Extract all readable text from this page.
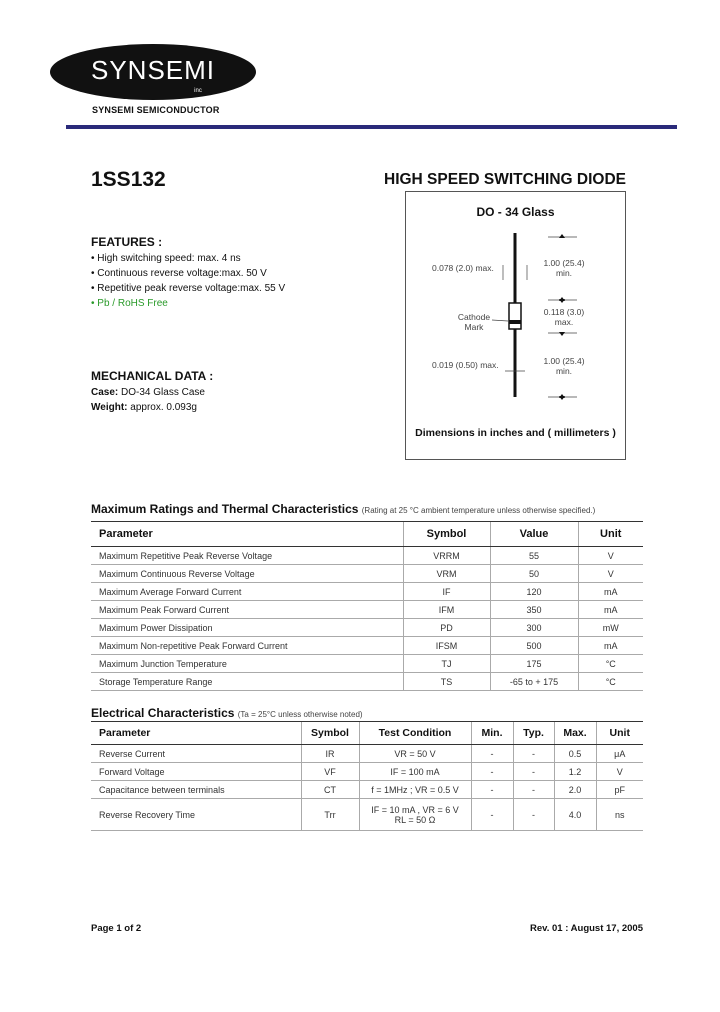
SYNSEMI
inc
SYNSEMI SEMICONDUCTOR
1SS132	HIGH SPEED SWITCHING DIODE
DO - 34 Glass
0.078 (2.0) max.	1.00 (25.4)
min.
0.118 (3.0)
max.
Cathode
Mark
0.019 (0.50) max.	1.00 (25.4)
min.
Dimensions in inches and ( millimeters )
FEATURES :
• High switching speed: max. 4 ns
• Continuous reverse voltage:max. 50 V
• Repetitive peak reverse voltage:max. 55 V
• Pb / RoHS Free
MECHANICAL DATA :
Case: DO-34 Glass Case
Weight: approx. 0.093g
Maximum Ratings and Thermal Characteristics (Rating at 25 °C ambient temperature unless otherwise specified.)
Parameter	Symbol	Value	Unit
Maximum Repetitive Peak Reverse Voltage	VRRM	55	V
Maximum Continuous Reverse Voltage	VRM	50	V
Maximum Average Forward Current	IF	120	mA
Maximum Peak Forward Current	IFM	350	mA
Maximum Power Dissipation	PD	300	mW
Maximum Non-repetitive Peak Forward Current	IFSM	500	mA
Maximum Junction Temperature	TJ	175	°C
Storage Temperature Range	TS	-65 to + 175	°C
Electrical Characteristics (Ta = 25°C unless otherwise noted)
Parameter	Symbol	Test Condition	Min.	Typ.	Max.	Unit
Reverse Current	IR	VR = 50 V	-	-	0.5	μA
Forward Voltage	VF	IF = 100 mA	-	-	1.2	V
Capacitance between terminals	CT	f = 1MHz ; VR = 0.5 V	-	-	2.0	pF
Reverse Recovery Time	Trr	IF = 10 mA , VR = 6 V
RL = 50 Ω	-	-	4.0	ns
Page 1 of 2	Rev. 01 : August 17, 2005
